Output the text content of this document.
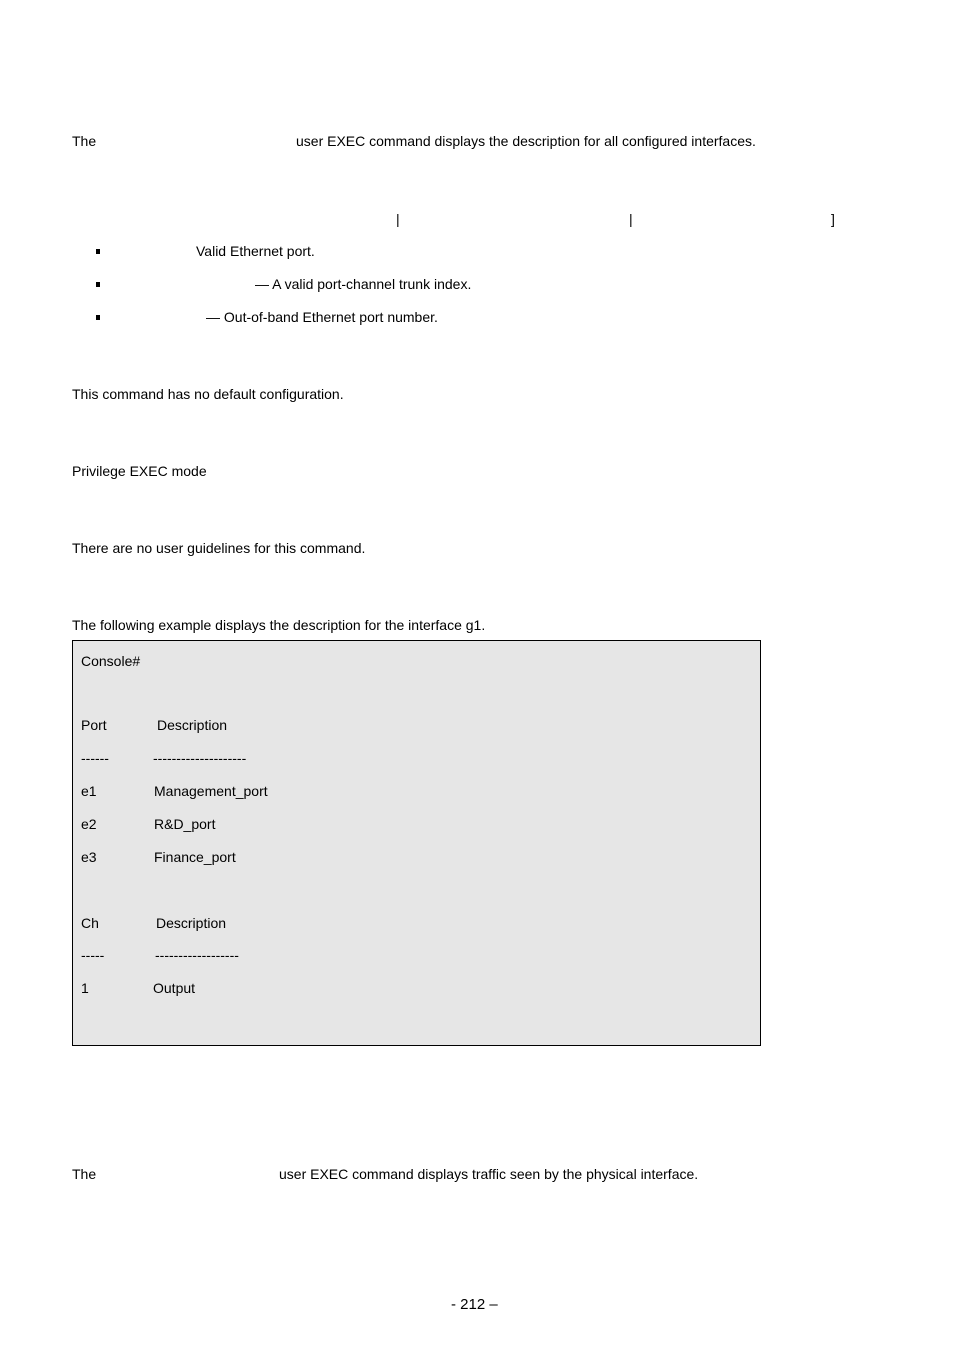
The	user EXEC command displays the description for all configured interfaces.
|	|	]
Valid Ethernet port.
— A valid port-channel trunk index.
— Out-of-band Ethernet port number.
This command has no default configuration.
Privilege EXEC mode
There are no user guidelines for this command.
The following example displays the description for the interface g1.
Console#
Port	Description
------	--------------------
e1	Management_port
e2	R&D_port
e3	Finance_port
Ch	Description
-----	------------------
1	Output
The	user EXEC command displays traffic seen by the physical interface.
- 212 –
